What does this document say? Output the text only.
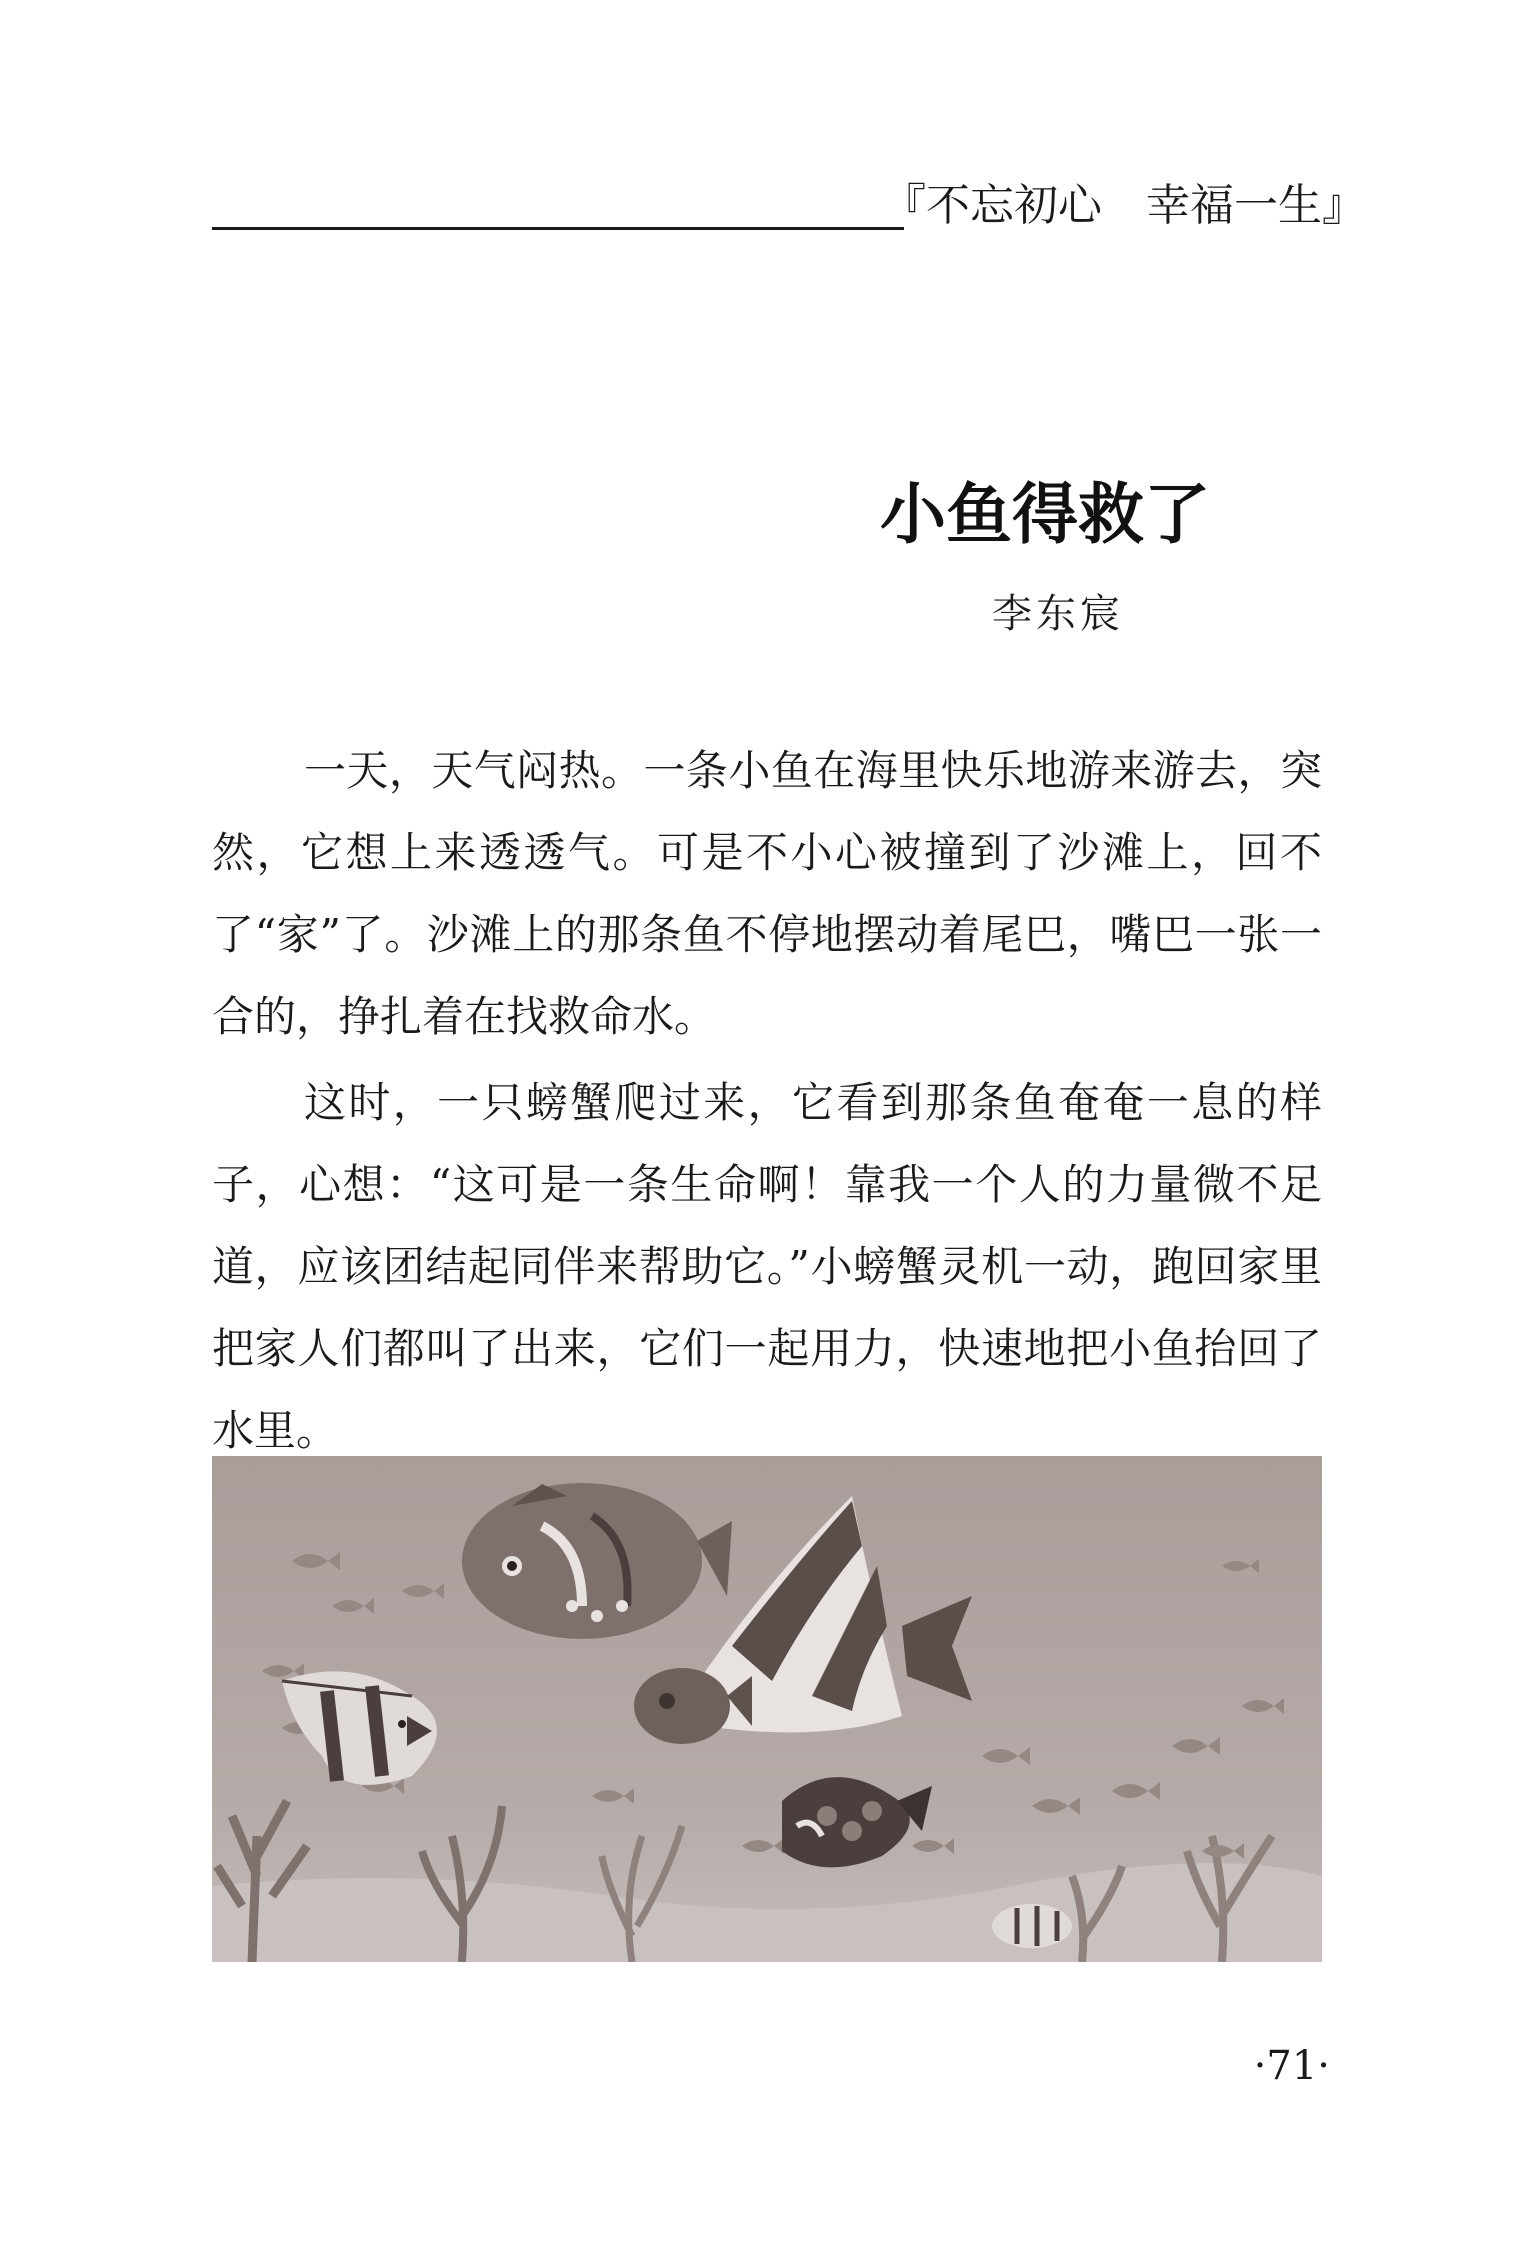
『不忘初心　幸福一生』
小鱼得救了
李东宸

一天，天气闷热。一条小鱼在海里快乐地游来游去，突然，它想上来透透气。可是不小心被撞到了沙滩上，回不了“家”了。沙滩上的那条鱼不停地摆动着尾巴，嘴巴一张一合的，挣扎着在找救命水。

这时，一只螃蟹爬过来，它看到那条鱼奄奄一息的样子，心想：“这可是一条生命啊！靠我一个人的力量微不足道，应该团结起同伴来帮助它。”小螃蟹灵机一动，跑回家里把家人们都叫了出来，它们一起用力，快速地把小鱼抬回了水里。

·71·
